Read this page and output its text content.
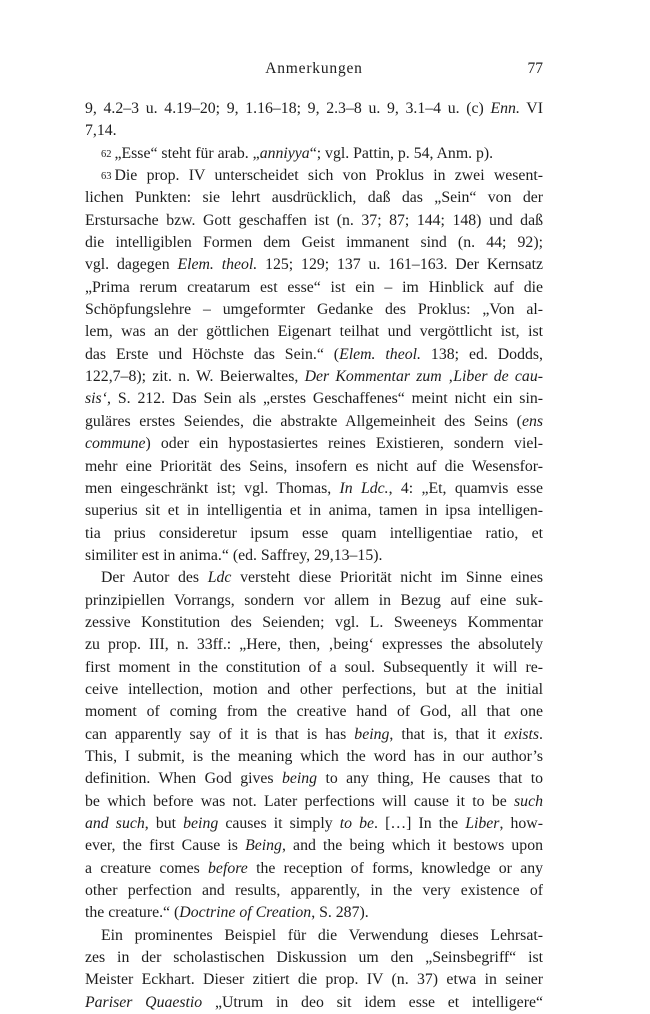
Anmerkungen	77
9, 4.2–3 u. 4.19–20; 9, 1.16–18; 9, 2.3–8 u. 9, 3.1–4 u. (c) Enn. VI
7,14.
62 „Esse“ steht für arab. „anniyya“; vgl. Pattin, p. 54, Anm. p).
63 Die prop. IV unterscheidet sich von Proklus in zwei wesent-
lichen Punkten: sie lehrt ausdrücklich, daß das „Sein“ von der
Erstursache bzw. Gott geschaffen ist (n. 37; 87; 144; 148) und daß
die intelligiblen Formen dem Geist immanent sind (n. 44; 92);
vgl. dagegen Elem. theol. 125; 129; 137 u. 161–163. Der Kernsatz
„Prima rerum creatarum est esse“ ist ein – im Hinblick auf die
Schöpfungslehre – umgeformter Gedanke des Proklus: „Von al-
lem, was an der göttlichen Eigenart teilhat und vergöttlicht ist, ist
das Erste und Höchste das Sein.“ (Elem. theol. 138; ed. Dodds,
122,7–8); zit. n. W. Beierwaltes, Der Kommentar zum ‚Liber de cau-
sis‘, S. 212. Das Sein als „erstes Geschaffenes“ meint nicht ein sin-
guläres erstes Seiendes, die abstrakte Allgemeinheit des Seins (ens
commune) oder ein hypostasiertes reines Existieren, sondern viel-
mehr eine Priorität des Seins, insofern es nicht auf die Wesensfor-
men eingeschränkt ist; vgl. Thomas, In Ldc., 4: „Et, quamvis esse
superius sit et in intelligentia et in anima, tamen in ipsa intelligen-
tia prius consideretur ipsum esse quam intelligentiae ratio, et
similiter est in anima.“ (ed. Saffrey, 29,13–15).
Der Autor des Ldc versteht diese Priorität nicht im Sinne eines
prinzipiellen Vorrangs, sondern vor allem in Bezug auf eine suk-
zessive Konstitution des Seienden; vgl. L. Sweeneys Kommentar
zu prop. III, n. 33ff.: „Here, then, ‚being‘ expresses the absolutely
first moment in the constitution of a soul. Subsequently it will re-
ceive intellection, motion and other perfections, but at the initial
moment of coming from the creative hand of God, all that one
can apparently say of it is that is has being, that is, that it exists.
This, I submit, is the meaning which the word has in our author’s
definition. When God gives being to any thing, He causes that to
be which before was not. Later perfections will cause it to be such
and such, but being causes it simply to be. […] In the Liber, how-
ever, the first Cause is Being, and the being which it bestows upon
a creature comes before the reception of forms, knowledge or any
other perfection and results, apparently, in the very existence of
the creature.“ (Doctrine of Creation, S. 287).
Ein prominentes Beispiel für die Verwendung dieses Lehrsat-
zes in der scholastischen Diskussion um den „Seinsbegriff“ ist
Meister Eckhart. Dieser zitiert die prop. IV (n. 37) etwa in seiner
Pariser Quaestio „Utrum in deo sit idem esse et intelligere“
